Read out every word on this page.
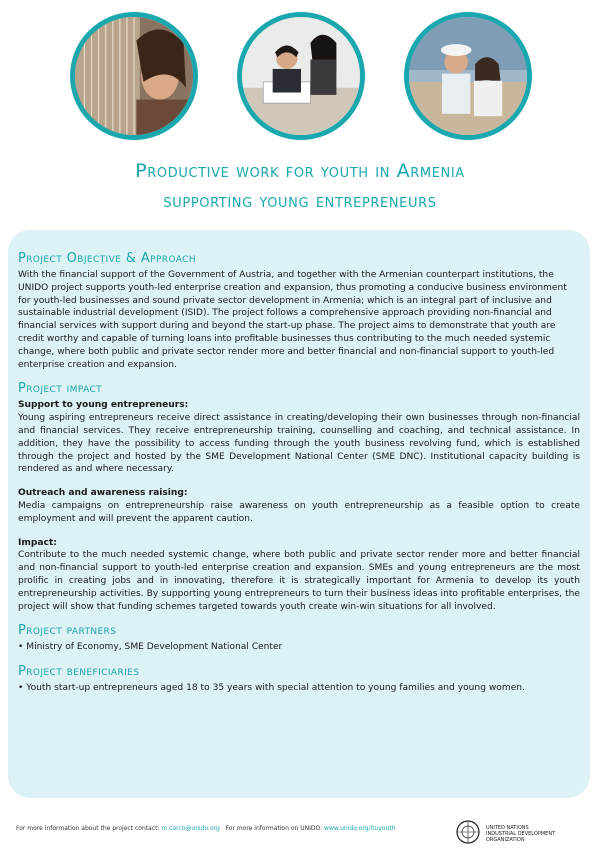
Productive work for youth in Armenia
supporting young entrepreneurs
Project Objective & Approach

With the financial support of the Government of Austria, and together with the Armenian counterpart institutions, the UNIDO project supports youth-led enterprise creation and expansion, thus promoting a conducive business environment for youth-led businesses and sound private sector development in Armenia; which is an integral part of inclusive and sustainable industrial development (ISID). The project follows a comprehensive approach providing non-financial and financial services with support during and beyond the start-up phase. The project aims to demonstrate that youth are credit worthy and capable of turning loans into profitable businesses thus contributing to the much needed systemic change, where both public and private sector render more and better financial and non-financial support to youth-led enterprise creation and expansion.

Project impact
Support to young entrepreneurs:

Young aspiring entrepreneurs receive direct assistance in creating/developing their own businesses through non-financial and financial services. They receive entrepreneurship training, counselling and coaching, and technical assistance. In addition, they have the possibility to access funding through the youth business revolving fund, which is established through the project and hosted by the SME Development National Center (SME DNC). Institutional capacity building is rendered as and where necessary.

Outreach and awareness raising:

Media campaigns on entrepreneurship raise awareness on youth entrepreneurship as a feasible option to create employment and will prevent the apparent caution.

Impact:

Contribute to the much needed systemic change, where both public and private sector render more and better financial and non-financial support to youth-led enterprise creation and expansion. SMEs and young entrepreneurs are the most prolific in creating jobs and in innovating, therefore it is strategically important for Armenia to develop its youth entrepreneurship activities. By supporting young entrepreneurs to turn their business ideas into profitable enterprises, the project will show that funding schemes targeted towards youth create win-win situations for all involved.

Project partners

• Ministry of Economy, SME Development National Center

Project beneficiaries

• Youth start-up entrepreneurs aged 18 to 35 years with special attention to young families and young women.

For more information about the project contact: m.carco@unido.org For more information on UNIDO: www.unido.org/ituyouth	UNITED NATIONS
INDUSTRIAL DEVELOPMENT ORGANIZATION
